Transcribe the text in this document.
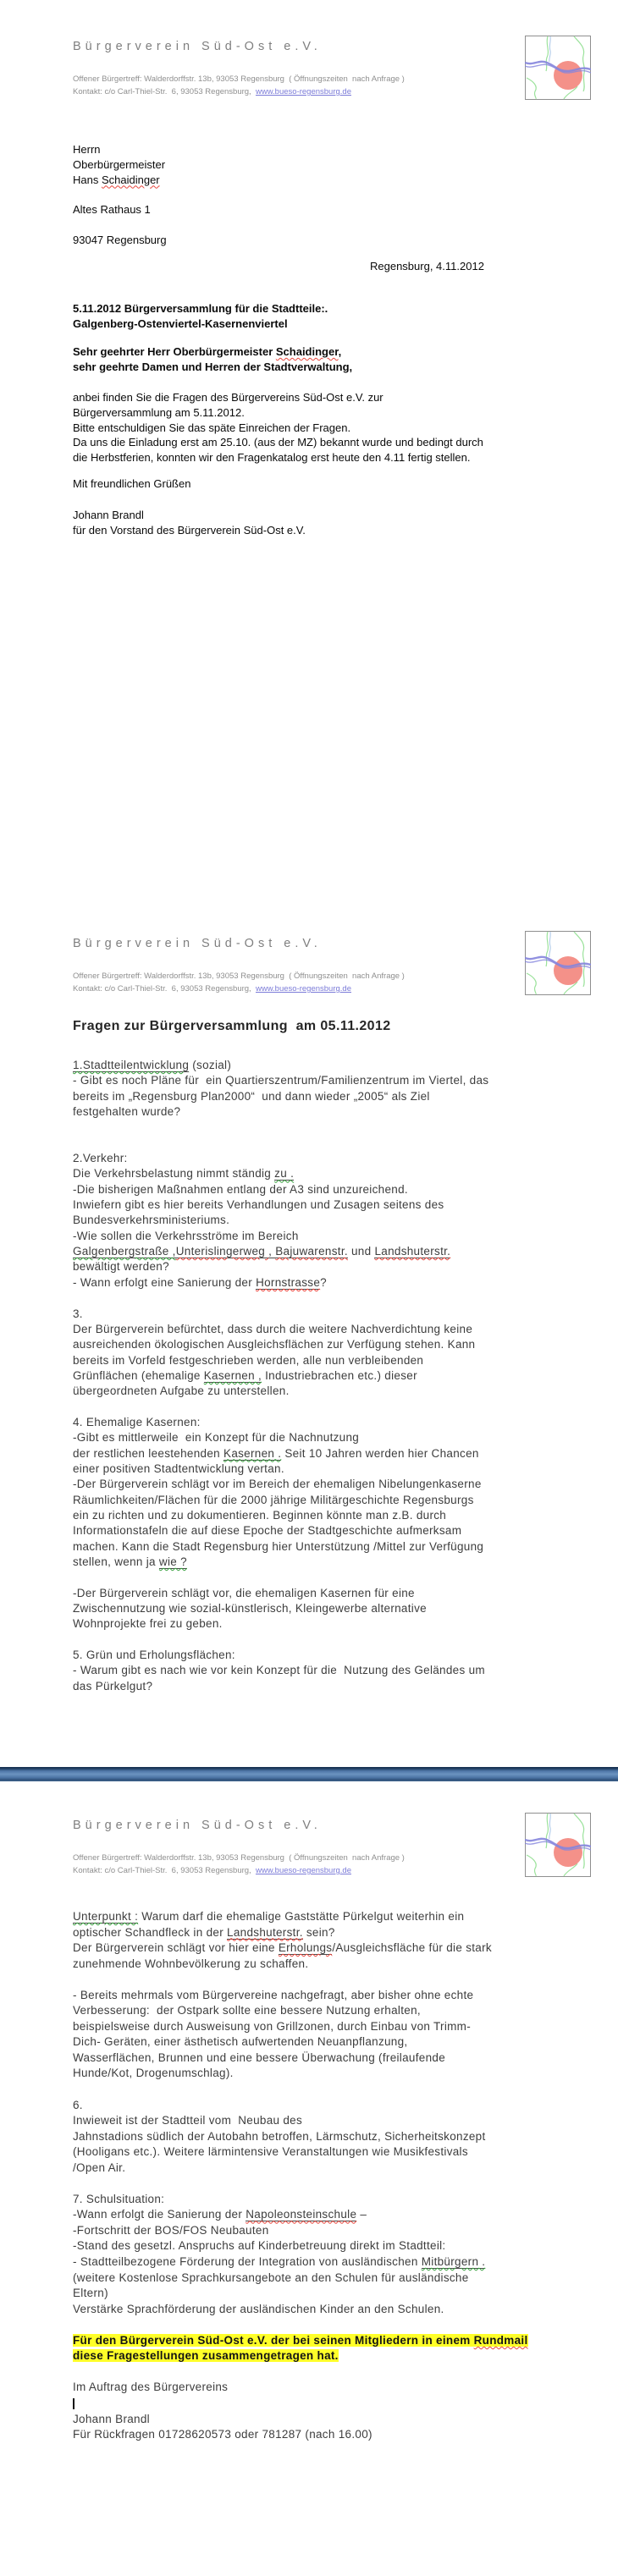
Bürgerverein Süd-Ost e.V.
Offener Bürgertreff: Walderdorffstr. 13b, 93053 Regensburg  ( Öffnungszeiten  nach Anfrage )
Kontakt: c/o Carl-Thiel-Str.  6, 93053 Regensburg,  www.bueso-regensburg.de
Herrn
Oberbürgermeister
Hans Schaidinger

Altes Rathaus 1

93047 Regensburg
Regensburg, 4.11.2012
5.11.2012 Bürgerversammlung für die Stadtteile:.
Galgenberg-Ostenviertel-Kasernenviertel
Sehr geehrter Herr Oberbürgermeister Schaidinger,
sehr geehrte Damen und Herren der Stadtverwaltung,
anbei finden Sie die Fragen des Bürgervereins Süd-Ost e.V. zur
Bürgerversammlung am 5.11.2012.
Bitte entschuldigen Sie das späte Einreichen der Fragen.
Da uns die Einladung erst am 25.10. (aus der MZ) bekannt wurde und bedingt durch
die Herbstferien, konnten wir den Fragenkatalog erst heute den 4.11 fertig stellen.
Mit freundlichen Grüßen
Johann Brandl
für den Vorstand des Bürgerverein Süd-Ost e.V.
Bürgerverein Süd-Ost e.V.
Offener Bürgertreff: Walderdorffstr. 13b, 93053 Regensburg  ( Öffnungszeiten  nach Anfrage )
Kontakt: c/o Carl-Thiel-Str.  6, 93053 Regensburg,  www.bueso-regensburg.de
Fragen zur Bürgerversammlung  am 05.11.2012
1.Stadtteilentwicklung (sozial)
- Gibt es noch Pläne für  ein Quartierszentrum/Familienzentrum im Viertel, das
bereits im „Regensburg Plan2000“  und dann wieder „2005“ als Ziel
festgehalten wurde?

2.Verkehr:
Die Verkehrsbelastung nimmt ständig zu .
-Die bisherigen Maßnahmen entlang der A3 sind unzureichend.
Inwiefern gibt es hier bereits Verhandlungen und Zusagen seitens des
Bundesverkehrsministeriums.
-Wie sollen die Verkehrsströme im Bereich
Galgenbergstraße ,Unterislingerweg , Bajuwarenstr. und Landshuterstr.
bewältigt werden?
- Wann erfolgt eine Sanierung der Hornstrasse?

3.
Der Bürgerverein befürchtet, dass durch die weitere Nachverdichtung keine
ausreichenden ökologischen Ausgleichsflächen zur Verfügung stehen. Kann
bereits im Vorfeld festgeschrieben werden, alle nun verbleibenden
Grünflächen (ehemalige Kasernen , Industriebrachen etc.) dieser
übergeordneten Aufgabe zu unterstellen.

4. Ehemalige Kasernen:
-Gibt es mittlerweile  ein Konzept für die Nachnutzung
der restlichen leestehenden Kasernen . Seit 10 Jahren werden hier Chancen
einer positiven Stadtentwicklung vertan.
-Der Bürgerverein schlägt vor im Bereich der ehemaligen Nibelungenkaserne
Räumlichkeiten/Flächen für die 2000 jährige Militärgeschichte Regensburgs
ein zu richten und zu dokumentieren. Beginnen könnte man z.B. durch
Informationstafeln die auf diese Epoche der Stadtgeschichte aufmerksam
machen. Kann die Stadt Regensburg hier Unterstützung /Mittel zur Verfügung
stellen, wenn ja wie ?

-Der Bürgerverein schlägt vor, die ehemaligen Kasernen für eine
Zwischennutzung wie sozial-künstlerisch, Kleingewerbe alternative
Wohnprojekte frei zu geben.

5. Grün und Erholungsflächen:
- Warum gibt es nach wie vor kein Konzept für die  Nutzung des Geländes um
das Pürkelgut?
Bürgerverein Süd-Ost e.V.
Offener Bürgertreff: Walderdorffstr. 13b, 93053 Regensburg  ( Öffnungszeiten  nach Anfrage )
Kontakt: c/o Carl-Thiel-Str.  6, 93053 Regensburg,  www.bueso-regensburg.de
Unterpunkt : Warum darf die ehemalige Gaststätte Pürkelgut weiterhin ein
optischer Schandfleck in der Landshuterstr. sein?
Der Bürgerverein schlägt vor hier eine Erholungs/Ausgleichsfläche für die stark
zunehmende Wohnbevölkerung zu schaffen.

- Bereits mehrmals vom Bürgervereine nachgefragt, aber bisher ohne echte
Verbesserung:  der Ostpark sollte eine bessere Nutzung erhalten,
beispielsweise durch Ausweisung von Grillzonen, durch Einbau von Trimm-
Dich- Geräten, einer ästhetisch aufwertenden Neuanpflanzung,
Wasserflächen, Brunnen und eine bessere Überwachung (freilaufende
Hunde/Kot, Drogenumschlag).

6.
Inwieweit ist der Stadtteil vom  Neubau des
Jahnstadions südlich der Autobahn betroffen, Lärmschutz, Sicherheitskonzept
(Hooligans etc.). Weitere lärmintensive Veranstaltungen wie Musikfestivals
/Open Air.

7. Schulsituation:
-Wann erfolgt die Sanierung der Napoleonsteinschule –
-Fortschritt der BOS/FOS Neubauten
-Stand des gesetzl. Anspruchs auf Kinderbetreuung direkt im Stadtteil:
- Stadtteilbezogene Förderung der Integration von ausländischen Mitbürgern .
(weitere Kostenlose Sprachkursangebote an den Schulen für ausländische
Eltern)
Verstärke Sprachförderung der ausländischen Kinder an den Schulen.

Für den Bürgerverein Süd-Ost e.V. der bei seinen Mitgliedern in einem Rundmail
diese Fragestellungen zusammengetragen hat.

Im Auftrag des Bürgervereins
Johann Brandl
Für Rückfragen 01728620573 oder 781287 (nach 16.00)
